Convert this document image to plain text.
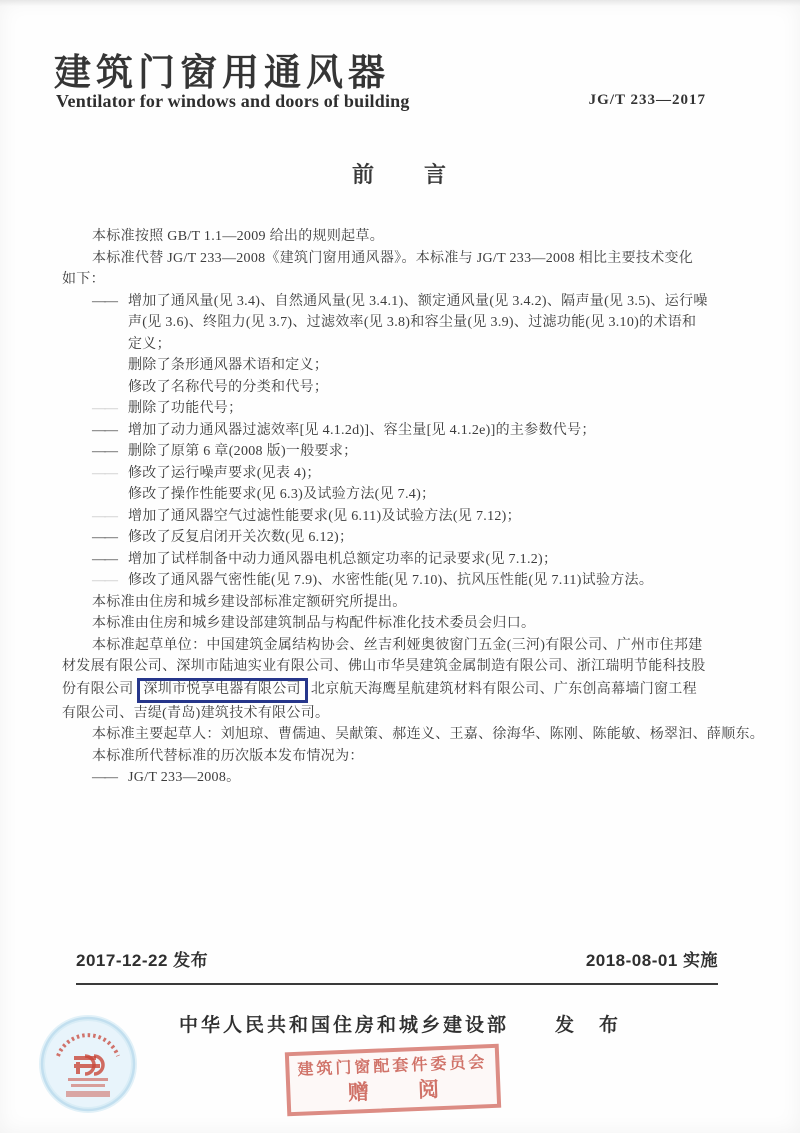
建筑门窗用通风器
Ventilator for windows and doors of building	JG/T 233—2017
前　　言
本标准按照 GB/T 1.1—2009 给出的规则起草。
本标准代替 JG/T 233—2008《建筑门窗用通风器》。本标准与 JG/T 233—2008 相比主要技术变化
如下：
—— 增加了通风量(见 3.4)、自然通风量(见 3.4.1)、额定通风量(见 3.4.2)、隔声量(见 3.5)、运行噪
声(见 3.6)、终阻力(见 3.7)、过滤效率(见 3.8)和容尘量(见 3.9)、过滤功能(见 3.10)的术语和
定义；
删除了条形通风器术语和定义；
修改了名称代号的分类和代号；
—— 删除了功能代号；
—— 增加了动力通风器过滤效率[见 4.1.2d)]、容尘量[见 4.1.2e)]的主参数代号；
—— 删除了原第 6 章(2008 版)一般要求；
—— 修改了运行噪声要求(见表 4)；
修改了操作性能要求(见 6.3)及试验方法(见 7.4)；
—— 增加了通风器空气过滤性能要求(见 6.11)及试验方法(见 7.12)；
—— 修改了反复启闭开关次数(见 6.12)；
—— 增加了试样制备中动力通风器电机总额定功率的记录要求(见 7.1.2)；
—— 修改了通风器气密性能(见 7.9)、水密性能(见 7.10)、抗风压性能(见 7.11)试验方法。
本标准由住房和城乡建设部标准定额研究所提出。
本标准由住房和城乡建设部建筑制品与构配件标准化技术委员会归口。
本标准起草单位：中国建筑金属结构协会、丝吉利娅奥彼窗门五金(三河)有限公司、广州市住邦建
材发展有限公司、深圳市陆迪实业有限公司、佛山市华昊建筑金属制造有限公司、浙江瑞明节能科技股
份有限公司 深圳市悦享电器有限公司 北京航天海鹰星航建筑材料有限公司、广东创高幕墙门窗工程
有限公司、吉缇(青岛)建筑技术有限公司。
本标准主要起草人：刘旭琼、曹儒迪、吴献策、郝连义、王嘉、徐海华、陈刚、陈能敏、杨翠汩、薛顺东。
本标准所代替标准的历次版本发布情况为：
—— JG/T 233—2008。
2017-12-22 发布	2018-08-01 实施
中华人民共和国住房和城乡建设部 发　布
建筑门窗配套件委员会
赠　阅
